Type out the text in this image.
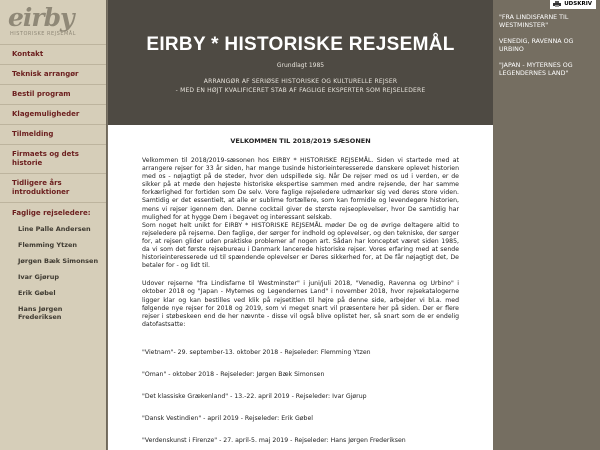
eirby
HISTORISKE REJSEMÅL
Kontakt
Teknisk arrangør
Bestil program
Klagemuligheder
Tilmelding
Firmaets og dets historie
Tidligere års introduktioner
Faglige rejseledere:
Line Palle Andersen
Flemming Ytzen
Jørgen Bæk Simonsen
Ivar Gjørup
Erik Gøbel
Hans Jørgen Frederiksen
EIRBY * HISTORISKE REJSEMÅL
Grundlagt 1985
ARRANGØR AF SERIØSE HISTORISKE OG KULTURELLE REJSER
- MED EN HØJT KVALIFICERET STAB AF FAGLIGE EKSPERTER SOM REJSELEDERE
VELKOMMEN TIL 2018/2019 SÆSONEN

Velkommen til 2018/2019-sæsonen hos EIRBY * HISTORISKE REJSEMÅL. Siden vi startede med at arrangere rejser for 33 år siden, har mange tusinde historieinteresserede danskere oplevet historien med os - nøjagtigt på de steder, hvor den udspillede sig. Når De rejser med os ud i verden, er de sikker på at møde den højeste historiske ekspertise sammen med andre rejsende, der har samme forkærlighed for fortiden som De selv. Vore faglige rejseledere udmærker sig ved deres store viden. Samtidig er det essentielt, at alle er sublime fortællere, som kan formidle og levendegøre historien, mens vi rejser igennem den. Denne cocktail giver de største rejseoplevelser, hvor De samtidig har mulighed for at hygge Dem i begavet og interessant selskab.

Som noget helt unikt for EIRBY * HISTORISKE REJSEMÅL møder De og de øvrige deltagere altid to rejseledere på rejserne. Den faglige, der sørger for indhold og oplevelser, og den tekniske, der sørger for, at rejsen glider uden praktiske problemer af nogen art. Sådan har konceptet været siden 1985, da vi som det første rejsebureau i Danmark lancerede historiske rejser. Vores erfaring med at sende historieinteresserede ud til spændende oplevelser er Deres sikkerhed for, at De får nøjagtigt det, De betaler for - og lidt til.

Udover rejserne "fra Lindisfarne til Westminster" i juni/juli 2018, "Venedig, Ravenna og Urbino" i oktober 2018 og "Japan - Mytemes og Legendernes Land" i november 2018, hvor rejsekatalogerne ligger klar og kan bestilles ved klik på rejsetitlen til højre på denne side, arbejder vi bl.a. med følgende nye rejser for 2018 og 2019, som vi meget snart vil præsentere her på siden. Der er flere rejser i støbeskeen end de her nævnte - disse vil også blive oplistet her, så snart som de er endelig datofastsatte:

"Vietnam"- 29. september-13. oktober 2018 - Rejseleder: Flemming Ytzen
"Oman" - oktober 2018 - Rejseleder: Jørgen Bæk Simonsen
"Det klassiske Grækenland" - 13.-22. april 2019 - Rejseleder: Ivar Gjørup
"Dansk Vestindien" - april 2019 - Rejseleder: Erik Gøbel
"Verdenskunst i Firenze" - 27. april-5. maj 2019 - Rejseleder: Hans Jørgen Frederiksen
UDSKRIV
"FRA LINDISFARNE TIL WESTMINSTER"
VENEDIG, RAVENNA OG URBINO
"JAPAN - MYTERNES OG LEGENDERNES LAND"
